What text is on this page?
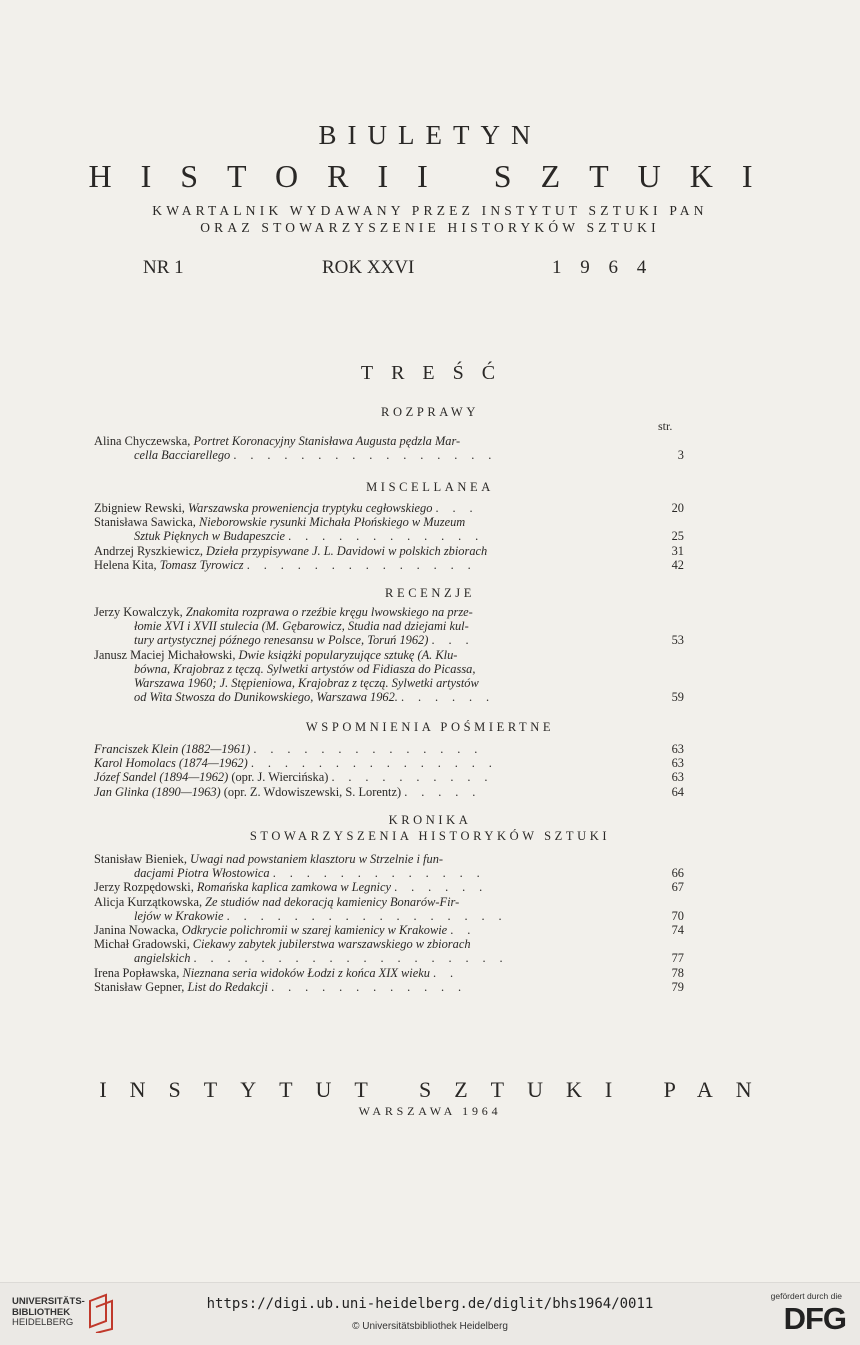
BIULETYN
HISTORII SZTUKI
KWARTALNIK WYDAWANY PRZEZ INSTYTUT SZTUKI PAN
ORAZ STOWARZYSZENIE HISTORYKÓW SZTUKI
NR 1	ROK XXVI	1 9 6 4
TREŚĆ
str.
ROZPRAWY
Alina Chyczewska, Portret Koronacyjny Stanisława Augusta pędzla Mar-
cella Bacciarellego . . . . . . . . . . . . . . . .	3
MISCELLANEA
Zbigniew Rewski, Warszawska proweniencja tryptyku cegłowskiego . . .	20
Stanisława Sawicka, Nieborowskie rysunki Michała Płońskiego w Muzeum
Sztuk Pięknych w Budapeszcie . . . . . . . . . . . .	25
Andrzej Ryszkiewicz, Dzieła przypisywane J. L. Davidowi w polskich zbiorach	31
Helena Kita, Tomasz Tyrowicz . . . . . . . . . . . . . .	42
RECENZJE
Jerzy Kowalczyk, Znakomita rozprawa o rzeźbie kręgu lwowskiego na prze-
łomie XVI i XVII stulecia (M. Gębarowicz, Studia nad dziejami kul-
tury artystycznej późnego renesansu w Polsce, Toruń 1962) . . .	53
Janusz Maciej Michałowski, Dwie książki popularyzujące sztukę (A. Klu-
bówna, Krajobraz z tęczą. Sylwetki artystów od Fidiasza do Picassa,
Warszawa 1960; J. Stępieniowa, Krajobraz z tęczą. Sylwetki artystów
od Wita Stwosza do Dunikowskiego, Warszawa 1962. . . . . . .	59
WSPOMNIENIA POŚMIERTNE
Franciszek Klein (1882—1961) . . . . . . . . . . . . . .	63
Karol Homolacs (1874—1962) . . . . . . . . . . . . . . .	63
Józef Sandel (1894—1962) (opr. J. Wiercińska) . . . . . . . . . .	63
Jan Glinka (1890—1963) (opr. Z. Wdowiszewski, S. Lorentz) . . . . .	64
KRONIKA
STOWARZYSZENIA HISTORYKÓW SZTUKI
Stanisław Bieniek, Uwagi nad powstaniem klasztoru w Strzelnie i fun-
dacjami Piotra Włostowica . . . . . . . . . . . . .	66
Jerzy Rozpędowski, Romańska kaplica zamkowa w Legnicy . . . . . .	67
Alicja Kurzątkowska, Ze studiów nad dekoracją kamienicy Bonarów-Fir-
lejów w Krakowie . . . . . . . . . . . . . . . . .	70
Janina Nowacka, Odkrycie polichromii w szarej kamienicy w Krakowie . .	74
Michał Gradowski, Ciekawy zabytek jubilerstwa warszawskiego w zbiorach
angielskich . . . . . . . . . . . . . . . . . . .	77
Irena Popławska, Nieznana seria widoków Łodzi z końca XIX wieku . .	78
Stanisław Gepner, List do Redakcji . . . . . . . . . . . .	79
INSTYTUT SZTUKI PAN
WARSZAWA 1964
UNIVERSITÄTS-
BIBLIOTHEK
HEIDELBERG
https://digi.ub.uni-heidelberg.de/diglit/bhs1964/0011
© Universitätsbibliothek Heidelberg
gefördert durch die
DFG
